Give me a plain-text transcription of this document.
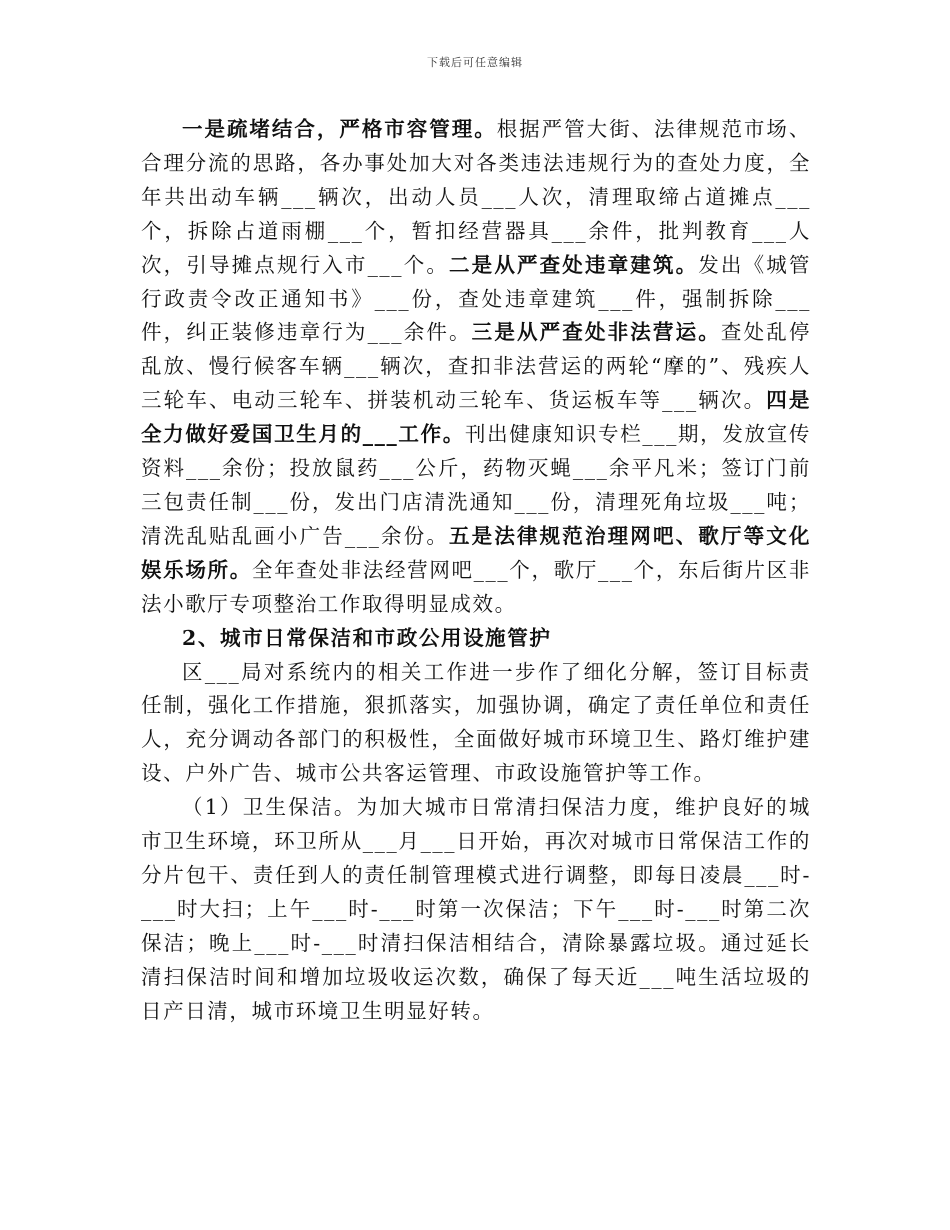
下载后可任意编辑

一是疏堵结合，严格市容管理。根据严管大街、法律规范市场、合理分流的思路，各办事处加大对各类违法违规行为的查处力度，全年共出动车辆___辆次，出动人员___人次，清理取缔占道摊点___个，拆除占道雨棚___个，暂扣经营器具___余件，批判教育___人次，引导摊点规行入市___个。二是从严查处违章建筑。发出《城管行政责令改正通知书》___份，查处违章建筑___件，强制拆除___件，纠正装修违章行为___余件。三是从严查处非法营运。查处乱停乱放、慢行候客车辆___辆次，查扣非法营运的两轮“摩的”、残疾人三轮车、电动三轮车、拼装机动三轮车、货运板车等___辆次。四是全力做好爱国卫生月的___工作。刊出健康知识专栏___期，发放宣传资料___余份；投放鼠药___公斤，药物灭蝇___余平凡米；签订门前三包责任制___份，发出门店清洗通知___份，清理死角垃圾___吨；清洗乱贴乱画小广告___余份。五是法律规范治理网吧、歌厅等文化娱乐场所。全年查处非法经营网吧___个，歌厅___个，东后街片区非法小歌厅专项整治工作取得明显成效。

2、城市日常保洁和市政公用设施管护

区___局对系统内的相关工作进一步作了细化分解，签订目标责任制，强化工作措施，狠抓落实，加强协调，确定了责任单位和责任人，充分调动各部门的积极性，全面做好城市环境卫生、路灯维护建设、户外广告、城市公共客运管理、市政设施管护等工作。

（1）卫生保洁。为加大城市日常清扫保洁力度，维护良好的城市卫生环境，环卫所从___月___日开始，再次对城市日常保洁工作的分片包干、责任到人的责任制管理模式进行调整，即每日凌晨___时-___时大扫；上午___时-___时第一次保洁；下午___时-___时第二次保洁；晚上___时-___时清扫保洁相结合，清除暴露垃圾。通过延长清扫保洁时间和增加垃圾收运次数，确保了每天近___吨生活垃圾的日产日清，城市环境卫生明显好转。
